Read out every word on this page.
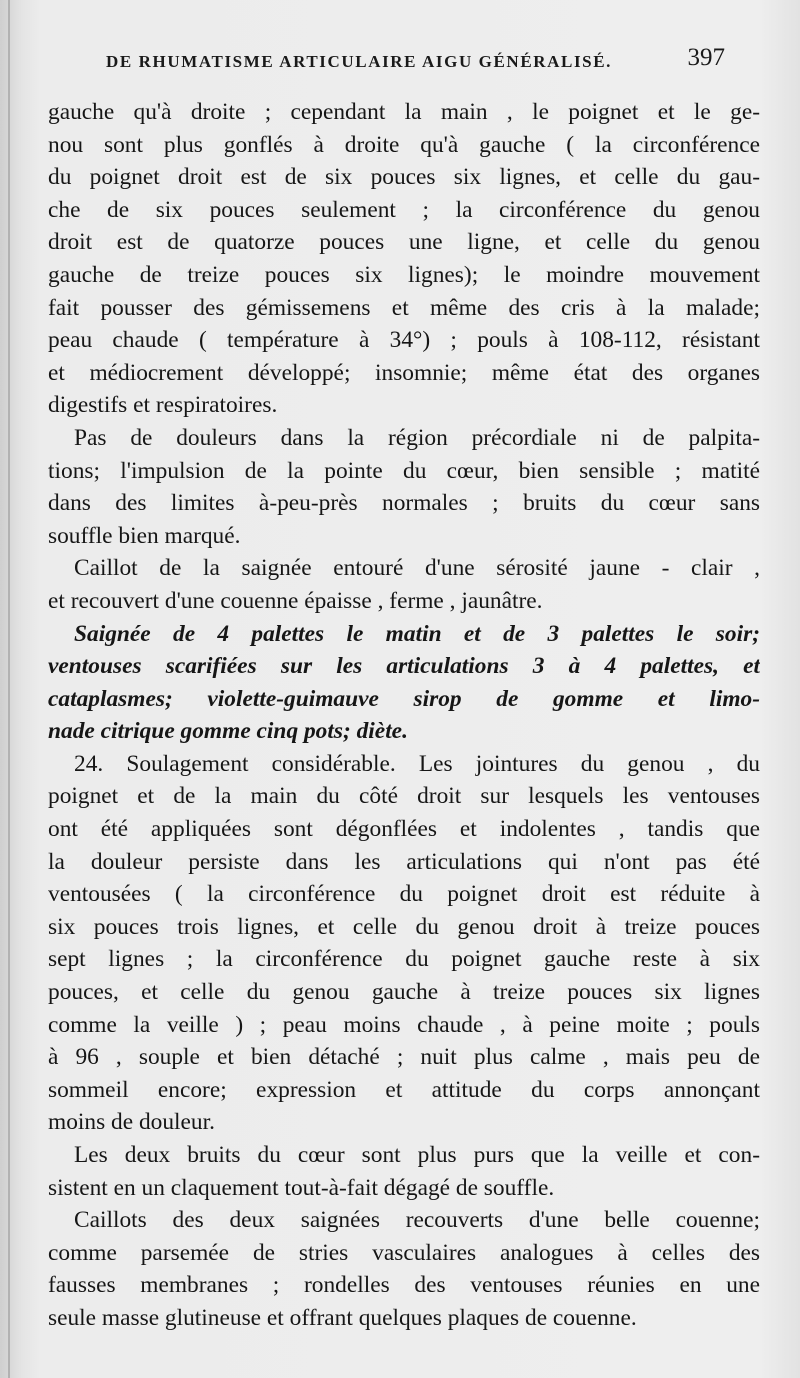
DE RHUMATISME ARTICULAIRE AIGU GÉNÉRALISÉ.	397
gauche qu'à droite ; cependant la main , le poignet et le ge-
nou sont plus gonflés à droite qu'à gauche ( la circonférence
du poignet droit est de six pouces six lignes, et celle du gau-
che de six pouces seulement ; la circonférence du genou
droit est de quatorze pouces une ligne, et celle du genou
gauche de treize pouces six lignes); le moindre mouvement
fait pousser des gémissemens et même des cris à la malade;
peau chaude ( température à 34°) ; pouls à 108-112, résistant
et médiocrement développé; insomnie; même état des organes
digestifs et respiratoires.
Pas de douleurs dans la région précordiale ni de palpita-
tions; l'impulsion de la pointe du cœur, bien sensible ; matité
dans des limites à-peu-près normales ; bruits du cœur sans
souffle bien marqué.
Caillot de la saignée entouré d'une sérosité jaune - clair ,
et recouvert d'une couenne épaisse , ferme , jaunâtre.
Saignée de 4 palettes le matin et de 3 palettes le soir;
ventouses scarifiées sur les articulations 3 à 4 palettes, et
cataplasmes; violette-guimauve sirop de gomme et limo-
nade citrique gomme cinq pots; diète.
24. Soulagement considérable. Les jointures du genou , du
poignet et de la main du côté droit sur lesquels les ventouses
ont été appliquées sont dégonflées et indolentes , tandis que
la douleur persiste dans les articulations qui n'ont pas été
ventousées ( la circonférence du poignet droit est réduite à
six pouces trois lignes, et celle du genou droit à treize pouces
sept lignes ; la circonférence du poignet gauche reste à six
pouces, et celle du genou gauche à treize pouces six lignes
comme la veille ) ; peau moins chaude , à peine moite ; pouls
à 96 , souple et bien détaché ; nuit plus calme , mais peu de
sommeil encore; expression et attitude du corps annonçant
moins de douleur.
Les deux bruits du cœur sont plus purs que la veille et con-
sistent en un claquement tout-à-fait dégagé de souffle.
Caillots des deux saignées recouverts d'une belle couenne;
comme parsemée de stries vasculaires analogues à celles des
fausses membranes ; rondelles des ventouses réunies en une
seule masse glutineuse et offrant quelques plaques de couenne.
